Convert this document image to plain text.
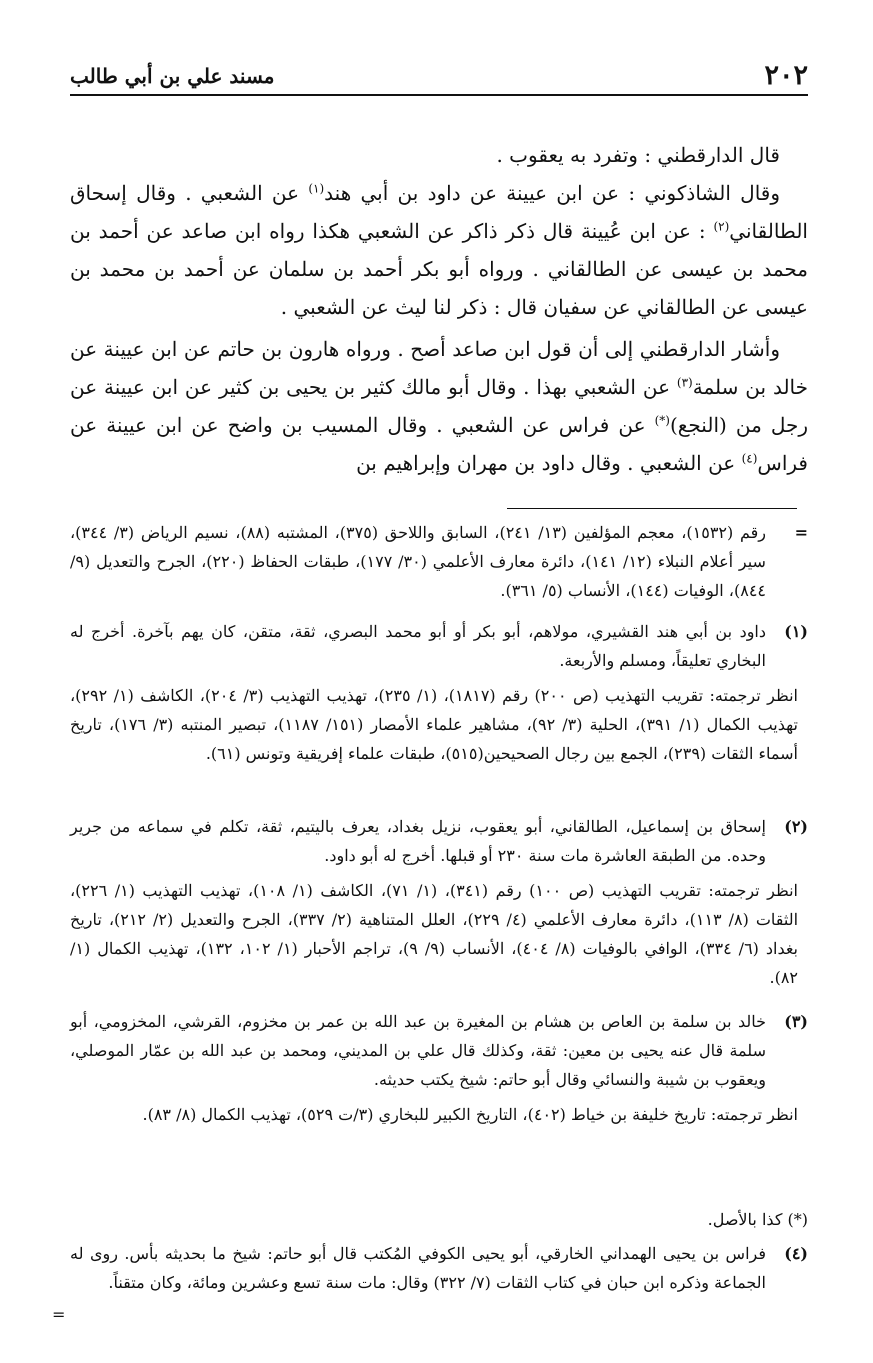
٢٠٢
مسند علي بن أبي طالب

قال الدارقطني : وتفرد به يعقوب .

وقال الشاذكوني : عن ابن عيينة عن داود بن أبي هند$^{(١)}$ عن الشعبي . وقال إسحاق الطالقاني$^{(٢)}$ : عن ابن عُيينة قال ذكر ذاكر عن الشعبي هكذا رواه ابن صاعد عن أحمد بن محمد بن عيسى عن الطالقاني . ورواه أبو بكر أحمد بن سلمان عن أحمد بن محمد بن عيسى عن الطالقاني عن سفيان قال : ذكر لنا ليث عن الشعبي .

وأشار الدارقطني إلى أن قول ابن صاعد أصح . ورواه هارون بن حاتم عن ابن عيينة عن خالد بن سلمة$^{(٣)}$ عن الشعبي بهذا . وقال أبو مالك كثير بن يحيى بن كثير عن ابن عيينة عن رجل من (النجع)(*) عن فراس عن الشعبي . وقال المسيب بن واضح عن ابن عيينة عن فراس$^{(٤)}$ عن الشعبي . وقال داود بن مهران وإبراهيم بن

=
رقم (١٥٣٢)، معجم المؤلفين (١٣/ ٢٤١)، السابق واللاحق (٣٧٥)، المشتبه (٨٨)، نسيم الرياض (٣/ ٣٤٤)، سير أعلام النبلاء (١٢/ ١٤١)، دائرة معارف الأعلمي (٣٠/ ١٧٧)، طبقات الحفاظ (٢٢٠)، الجرح والتعديل (٩/ ٨٤٤)، الوفيات (١٤٤)، الأنساب (٥/ ٣٦١).
(١)
داود بن أبي هند القشيري، مولاهم، أبو بكر أو أبو محمد البصري، ثقة، متقن، كان يهم بآخرة. أخرج له البخاري تعليقاً، ومسلم والأربعة.
انظر ترجمته: تقريب التهذيب (ص ٢٠٠) رقم (١٨١٧)، (١/ ٢٣٥)، تهذيب التهذيب (٣/ ٢٠٤)، الكاشف (١/ ٢٩٢)، تهذيب الكمال (١/ ٣٩١)، الحلية (٣/ ٩٢)، مشاهير علماء الأمصار (١٥١/ ١١٨٧)، تبصير المنتبه (٣/ ١٧٦)، تاريخ أسماء الثقات (٢٣٩)، الجمع بين رجال الصحيحين(٥١٥)، طبقات علماء إفريقية وتونس (٦١).
(٢)
إسحاق بن إسماعيل، الطالقاني، أبو يعقوب، نزيل بغداد، يعرف باليتيم، ثقة، تكلم في سماعه من جرير وحده. من الطبقة العاشرة مات سنة ٢٣٠ أو قبلها. أخرج له أبو داود.
انظر ترجمته: تقريب التهذيب (ص ١٠٠) رقم (٣٤١)، (١/ ٧١)، الكاشف (١/ ١٠٨)، تهذيب التهذيب (١/ ٢٢٦)، الثقات (٨/ ١١٣)، دائرة معارف الأعلمي (٤/ ٢٢٩)، العلل المتناهية (٢/ ٣٣٧)، الجرح والتعديل (٢/ ٢١٢)، تاريخ بغداد (٦/ ٣٣٤)، الوافي بالوفيات (٨/ ٤٠٤)، الأنساب (٩/ ٩)، تراجم الأحبار (١/ ١٠٢، ١٣٢)، تهذيب الكمال (١/ ٨٢).
(٣)
خالد بن سلمة بن العاص بن هشام بن المغيرة بن عبد الله بن عمر بن مخزوم، القرشي، المخزومي، أبو سلمة قال عنه يحيى بن معين: ثقة، وكذلك قال علي بن المديني، ومحمد بن عبد الله بن عمّار الموصلي، ويعقوب بن شيبة والنسائي وقال أبو حاتم: شيخ يكتب حديثه.
انظر ترجمته: تاريخ خليفة بن خياط (٤٠٢)، التاريخ الكبير للبخاري (٣/ت ٥٢٩)، تهذيب الكمال (٨/ ٨٣).
(*) كذا بالأصل.
(٤)
فراس بن يحيى الهمداني الخارقي، أبو يحيى الكوفي المُكتب قال أبو حاتم: شيخ ما بحديثه بأس. روى له الجماعة وذكره ابن حبان في كتاب الثقات (٧/ ٣٢٢) وقال: مات سنة تسع وعشرين ومائة، وكان متقناً.
=
